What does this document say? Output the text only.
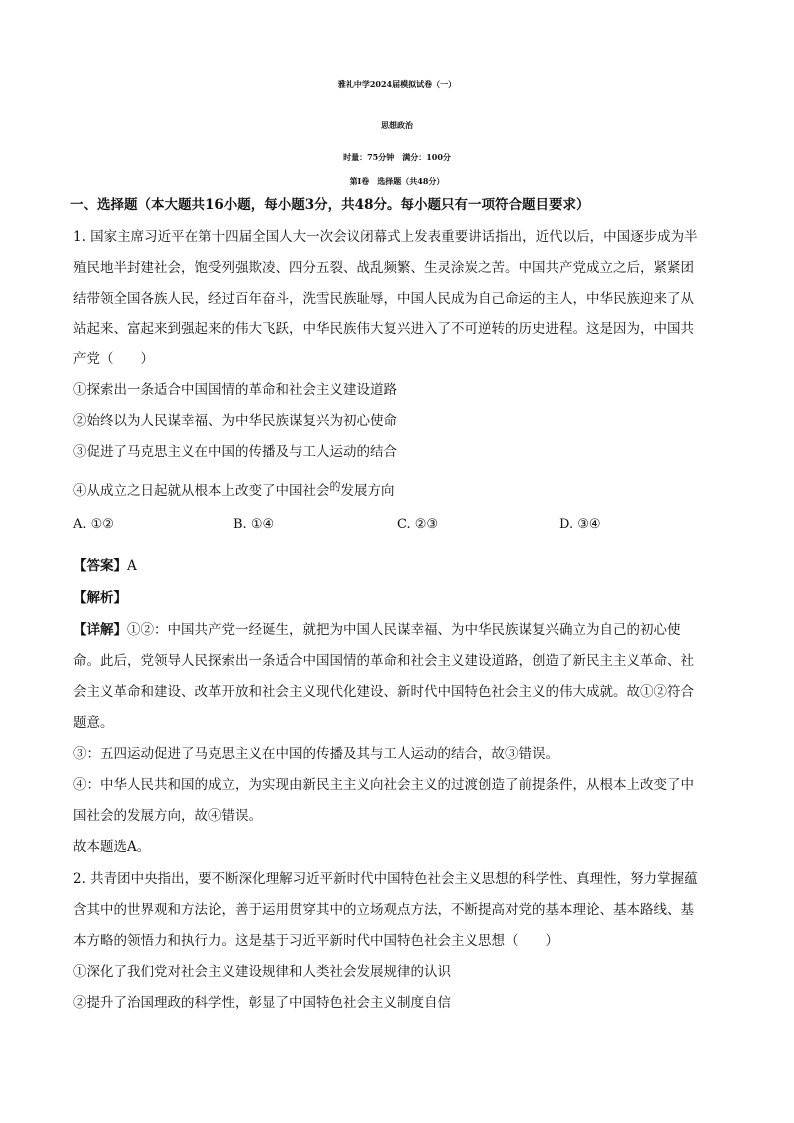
雅礼中学2024届模拟试卷（一）
思想政治
时量：75分钟　满分：100分
第Ⅰ卷　选择题（共48分）
一、选择题（本大题共16小题，每小题3分，共48分。每小题只有一项符合题目要求）
1. 国家主席习近平在第十四届全国人大一次会议闭幕式上发表重要讲话指出，近代以后，中国逐步成为半
殖民地半封建社会，饱受列强欺凌、四分五裂、战乱频繁、生灵涂炭之苦。中国共产党成立之后，紧紧团
结带领全国各族人民，经过百年奋斗，洗雪民族耻辱，中国人民成为自己命运的主人，中华民族迎来了从
站起来、富起来到强起来的伟大飞跃，中华民族伟大复兴进入了不可逆转的历史进程。这是因为，中国共
产党（　　）
①探索出一条适合中国国情的革命和社会主义建设道路
②始终以为人民谋幸福、为中华民族谋复兴为初心使命
③促进了马克思主义在中国的传播及与工人运动的结合
④从成立之日起就从根本上改变了中国社会$^的$发展方向
A. ①②	B. ①④	C. ②③	D. ③④
【答案】A
【解析】
【详解】①②：中国共产党一经诞生，就把为中国人民谋幸福、为中华民族谋复兴确立为自己的初心使
命。此后，党领导人民探索出一条适合中国国情的革命和社会主义建设道路，创造了新民主主义革命、社
会主义革命和建设、改革开放和社会主义现代化建设、新时代中国特色社会主义的伟大成就。故①②符合
题意。
③：五四运动促进了马克思主义在中国的传播及其与工人运动的结合，故③错误。
④：中华人民共和国的成立，为实现由新民主主义向社会主义的过渡创造了前提条件，从根本上改变了中
国社会的发展方向，故④错误。
故本题选A。
2. 共青团中央指出，要不断深化理解习近平新时代中国特色社会主义思想的科学性、真理性，努力掌握蕴
含其中的世界观和方法论，善于运用贯穿其中的立场观点方法，不断提高对党的基本理论、基本路线、基
本方略的领悟力和执行力。这是基于习近平新时代中国特色社会主义思想（　　）
①深化了我们党对社会主义建设规律和人类社会发展规律的认识
②提升了治国理政的科学性，彰显了中国特色社会主义制度自信
